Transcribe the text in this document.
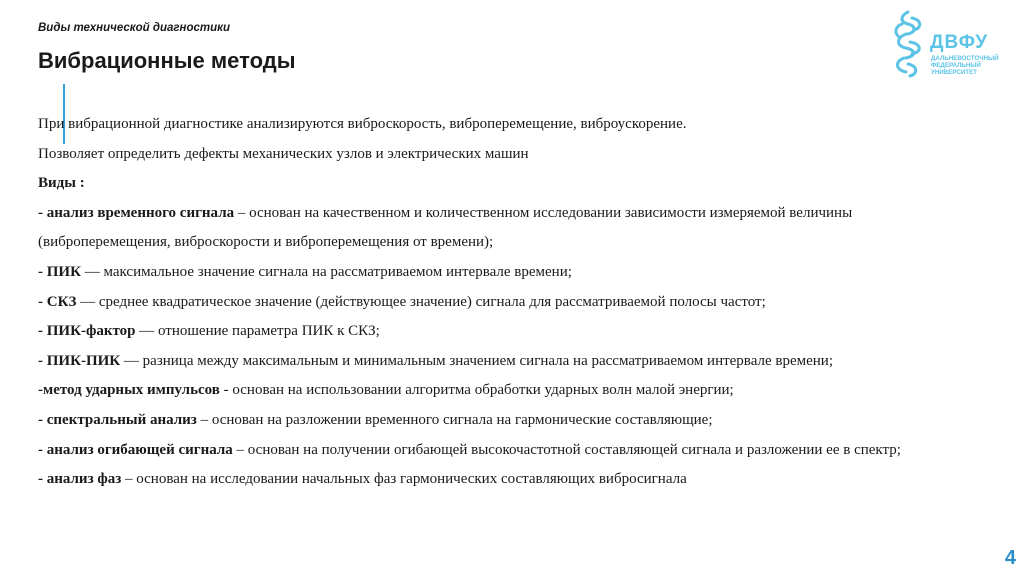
Виды технической диагностики
Вибрационные методы
ДВФУ
ДАЛЬНЕВОСТОЧНЫЙ
ФЕДЕРАЛЬНЫЙ
УНИВЕРСИТЕТ

При вибрационной диагностике анализируются виброскорость, виброперемещение, виброускорение.

Позволяет определить дефекты механических узлов и электрических машин

Виды :

- анализ временного сигнала – основан на качественном и количественном исследовании зависимости измеряемой величины (виброперемещения, виброскорости и виброперемещения от времени);

- ПИК — максимальное значение сигнала на рассматриваемом интервале времени;

- СКЗ — среднее квадратическое значение (действующее значение) сигнала для рассматриваемой полосы частот;

- ПИК-фактор — отношение параметра ПИК к СКЗ;

- ПИК-ПИК — разница между максимальным и минимальным значением сигнала на рассматриваемом интервале времени;

-метод ударных импульсов - основан на использовании алгоритма обработки ударных волн малой энергии;

- спектральный анализ – основан на разложении временного сигнала на гармонические составляющие;

- анализ огибающей сигнала – основан на получении огибающей высокочастотной составляющей сигнала и разложении ее в спектр;

- анализ фаз – основан на исследовании начальных фаз гармонических составляющих вибросигнала

4
